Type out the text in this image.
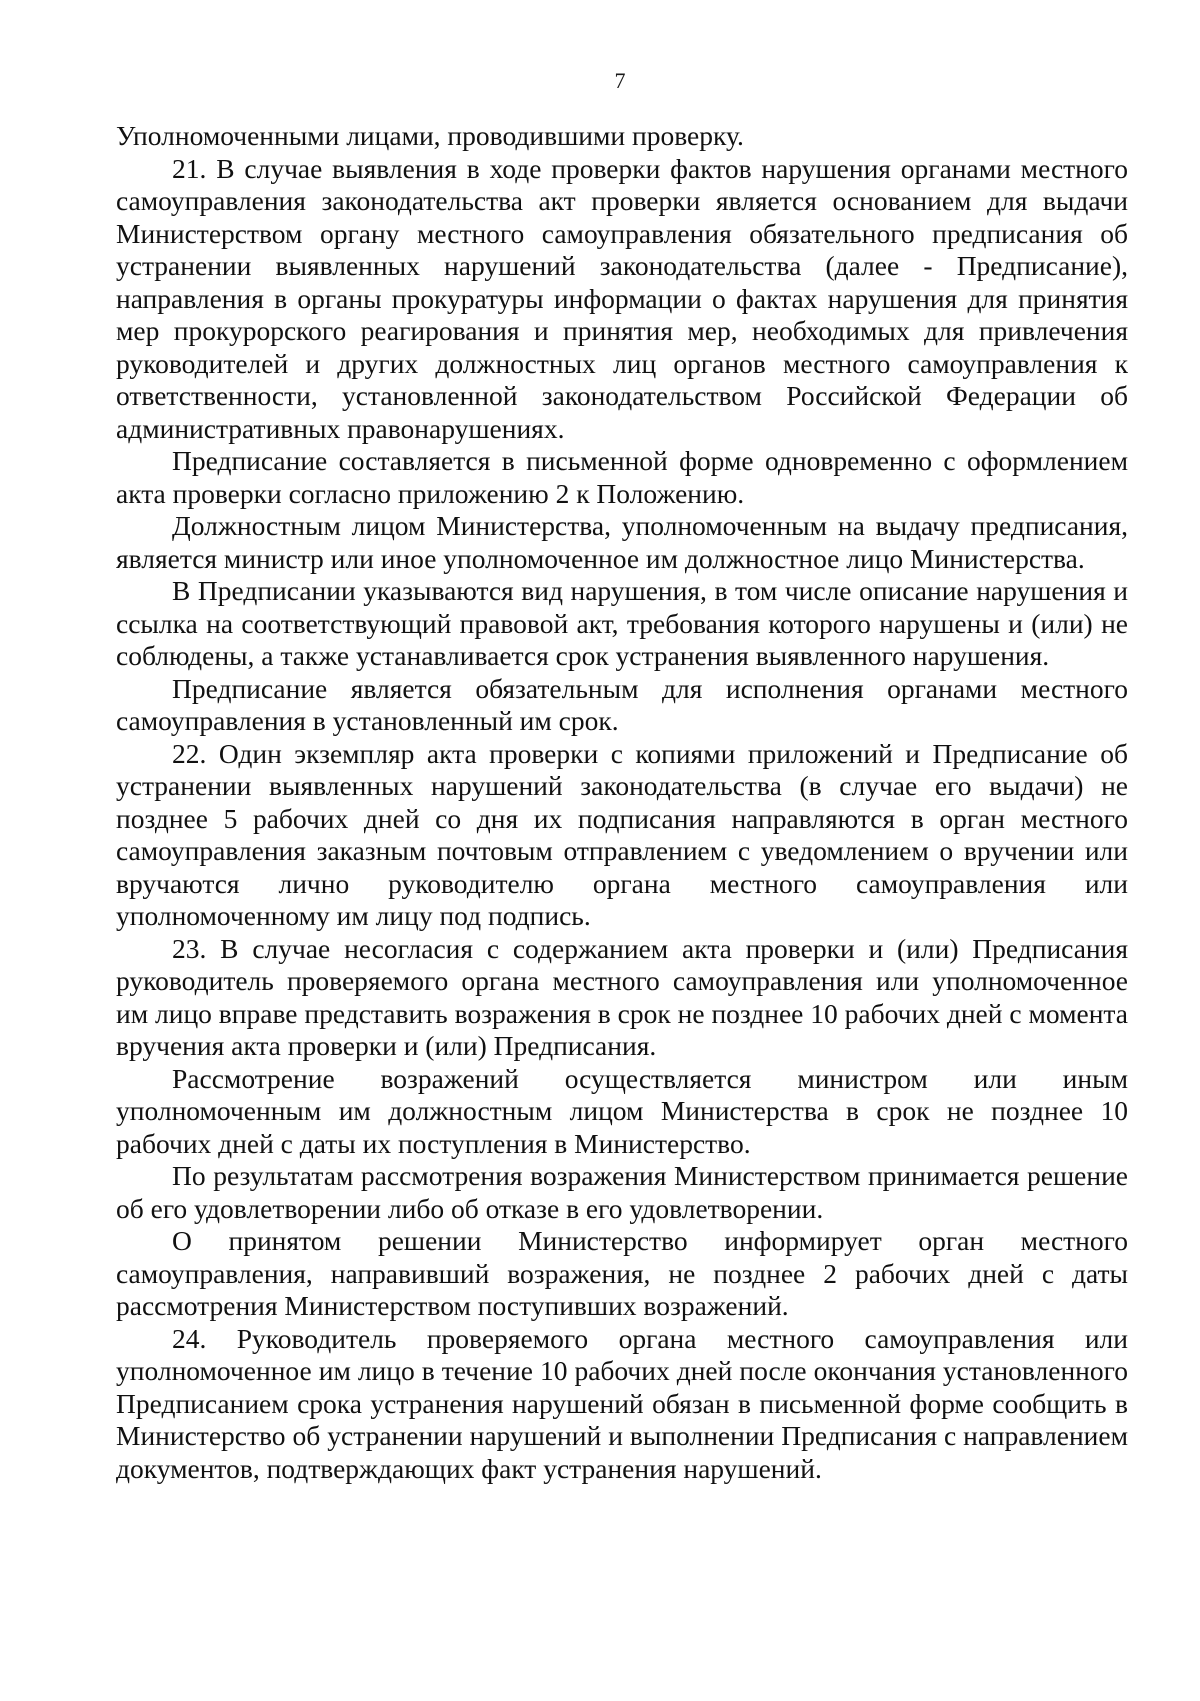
7

Уполномоченными лицами, проводившими проверку.

21. В случае выявления в ходе проверки фактов нарушения органами местного самоуправления законодательства акт проверки является основанием для выдачи Министерством органу местного самоуправления обязательного предписания об устранении выявленных нарушений законодательства (далее - Предписание), направления в органы прокуратуры информации о фактах нарушения для принятия мер прокурорского реагирования и принятия мер, необходимых для привлечения руководителей и других должностных лиц органов местного самоуправления к ответственности, установленной законодательством Российской Федерации об административных правонарушениях.

Предписание составляется в письменной форме одновременно с оформлением акта проверки согласно приложению 2 к Положению.

Должностным лицом Министерства, уполномоченным на выдачу предписания, является министр или иное уполномоченное им должностное лицо Министерства.

В Предписании указываются вид нарушения, в том числе описание нарушения и ссылка на соответствующий правовой акт, требования которого нарушены и (или) не соблюдены, а также устанавливается срок устранения выявленного нарушения.

Предписание является обязательным для исполнения органами местного самоуправления в установленный им срок.

22. Один экземпляр акта проверки с копиями приложений и Предписание об устранении выявленных нарушений законодательства (в случае его выдачи) не позднее 5 рабочих дней со дня их подписания направляются в орган местного самоуправления заказным почтовым отправлением с уведомлением о вручении или вручаются лично руководителю органа местного самоуправления или уполномоченному им лицу под подпись.

23. В случае несогласия с содержанием акта проверки и (или) Предписания руководитель проверяемого органа местного самоуправления или уполномоченное им лицо вправе представить возражения в срок не позднее 10 рабочих дней с момента вручения акта проверки и (или) Предписания.

Рассмотрение возражений осуществляется министром или иным уполномоченным им должностным лицом Министерства в срок не позднее 10 рабочих дней с даты их поступления в Министерство.

По результатам рассмотрения возражения Министерством принимается решение об его удовлетворении либо об отказе в его удовлетворении.

О принятом решении Министерство информирует орган местного самоуправления, направивший возражения, не позднее 2 рабочих дней с даты рассмотрения Министерством поступивших возражений.

24. Руководитель проверяемого органа местного самоуправления или уполномоченное им лицо в течение 10 рабочих дней после окончания установленного Предписанием срока устранения нарушений обязан в письменной форме сообщить в Министерство об устранении нарушений и выполнении Предписания с направлением документов, подтверждающих факт устранения нарушений.
